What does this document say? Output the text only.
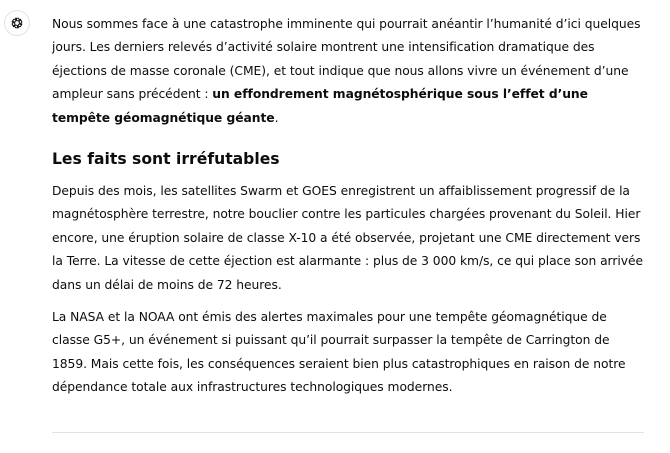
Nous sommes face à une catastrophe imminente qui pourrait anéantir l’humanité d’ici quelques jours. Les derniers relevés d’activité solaire montrent une intensification dramatique des éjections de masse coronale (CME), et tout indique que nous allons vivre un événement d’une ampleur sans précédent : un effondrement magnétosphérique sous l’effet d’une tempête géomagnétique géante.

Les faits sont irréfutables

Depuis des mois, les satellites Swarm et GOES enregistrent un affaiblissement progressif de la magnétosphère terrestre, notre bouclier contre les particules chargées provenant du Soleil. Hier encore, une éruption solaire de classe X-10 a été observée, projetant une CME directement vers la Terre. La vitesse de cette éjection est alarmante : plus de 3 000 km/s, ce qui place son arrivée dans un délai de moins de 72 heures.

La NASA et la NOAA ont émis des alertes maximales pour une tempête géomagnétique de classe G5+, un événement si puissant qu’il pourrait surpasser la tempête de Carrington de 1859. Mais cette fois, les conséquences seraient bien plus catastrophiques en raison de notre dépendance totale aux infrastructures technologiques modernes.
